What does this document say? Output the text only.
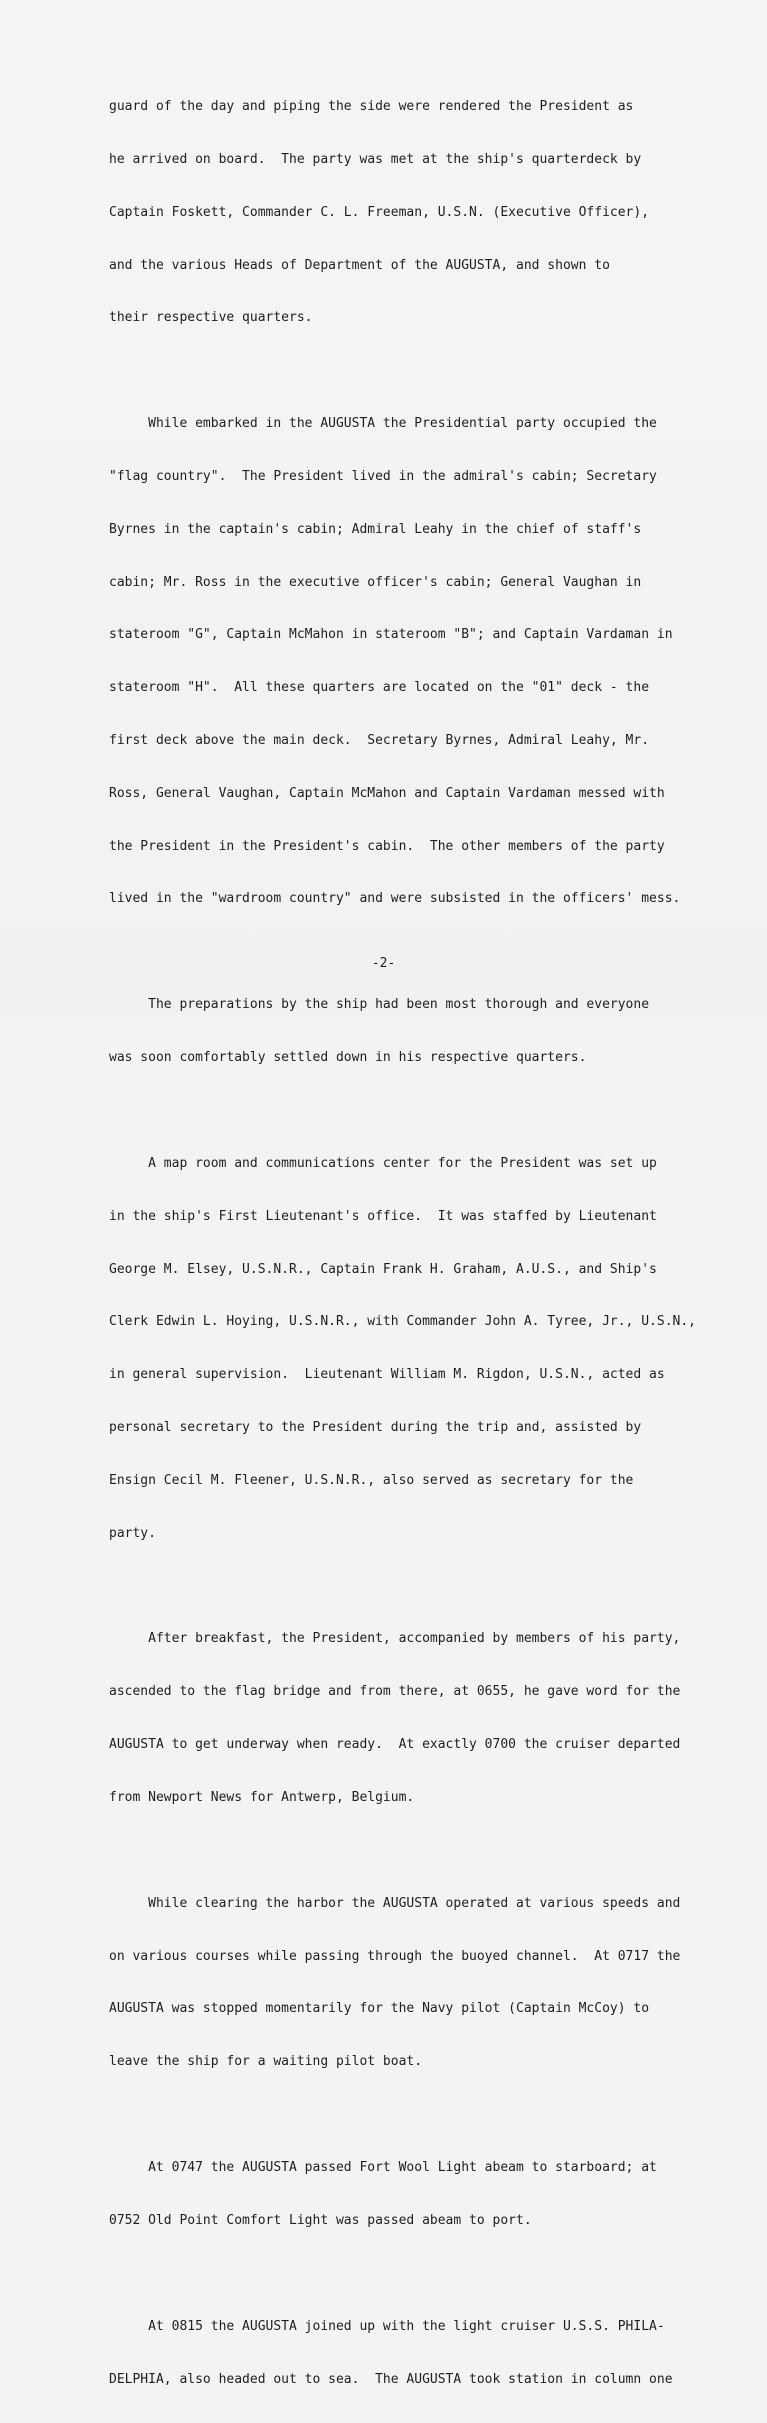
guard of the day and piping the side were rendered the President as

he arrived on board.  The party was met at the ship's quarterdeck by

Captain Foskett, Commander C. L. Freeman, U.S.N. (Executive Officer),

and the various Heads of Department of the AUGUSTA, and shown to

their respective quarters.

While embarked in the AUGUSTA the Presidential party occupied the

"flag country".  The President lived in the admiral's cabin; Secretary

Byrnes in the captain's cabin; Admiral Leahy in the chief of staff's

cabin; Mr. Ross in the executive officer's cabin; General Vaughan in

stateroom "G", Captain McMahon in stateroom "B"; and Captain Vardaman in

stateroom "H".  All these quarters are located on the "01" deck - the

first deck above the main deck.  Secretary Byrnes, Admiral Leahy, Mr.

Ross, General Vaughan, Captain McMahon and Captain Vardaman messed with

the President in the President's cabin.  The other members of the party

lived in the "wardroom country" and were subsisted in the officers' mess.

The preparations by the ship had been most thorough and everyone

was soon comfortably settled down in his respective quarters.

A map room and communications center for the President was set up

in the ship's First Lieutenant's office.  It was staffed by Lieutenant

George M. Elsey, U.S.N.R., Captain Frank H. Graham, A.U.S., and Ship's

Clerk Edwin L. Hoying, U.S.N.R., with Commander John A. Tyree, Jr., U.S.N.,

in general supervision.  Lieutenant William M. Rigdon, U.S.N., acted as

personal secretary to the President during the trip and, assisted by

Ensign Cecil M. Fleener, U.S.N.R., also served as secretary for the

party.

After breakfast, the President, accompanied by members of his party,

ascended to the flag bridge and from there, at 0655, he gave word for the

AUGUSTA to get underway when ready.  At exactly 0700 the cruiser departed

from Newport News for Antwerp, Belgium.

While clearing the harbor the AUGUSTA operated at various speeds and

on various courses while passing through the buoyed channel.  At 0717 the

AUGUSTA was stopped momentarily for the Navy pilot (Captain McCoy) to

leave the ship for a waiting pilot boat.

At 0747 the AUGUSTA passed Fort Wool Light abeam to starboard; at

0752 Old Point Comfort Light was passed abeam to port.

At 0815 the AUGUSTA joined up with the light cruiser U.S.S. PHILA-

DELPHIA, also headed out to sea.  The AUGUSTA took station in column one

-2-
